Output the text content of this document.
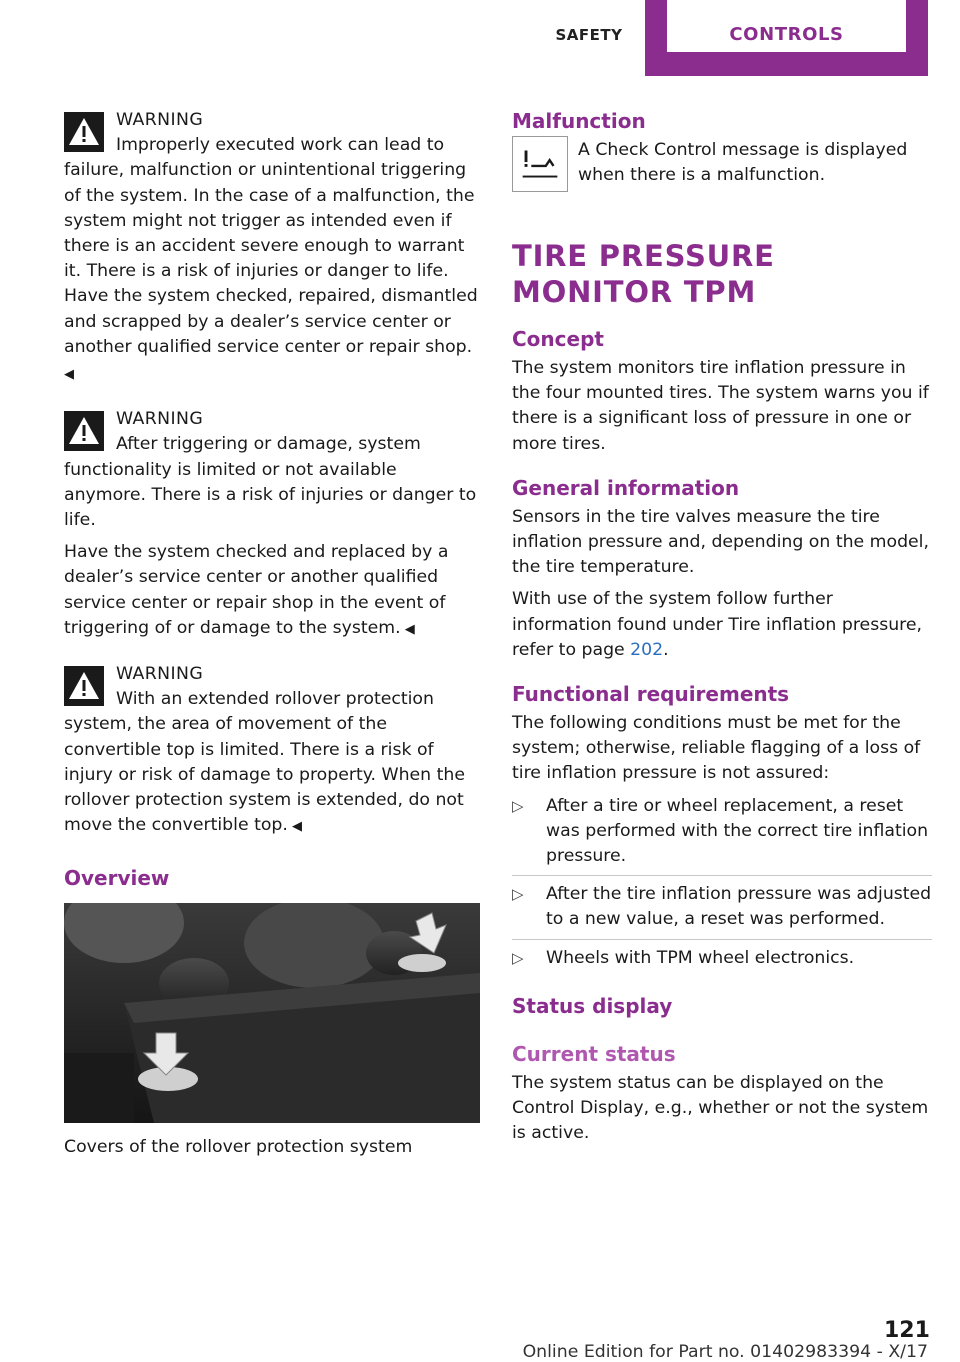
SAFETY	CONTROLS
WARNING

Improperly executed work can lead to failure, malfunction or unintentional triggering of the system. In the case of a malfunction, the system might not trigger as intended even if there is an accident severe enough to warrant it. There is a risk of injuries or danger to life. Have the system checked, repaired, dismantled and scrapped by a dealer’s service center or another qualified service center or repair shop. ◀

WARNING

After triggering or damage, system functionality is limited or not available anymore. There is a risk of injuries or danger to life.

Have the system checked and replaced by a dealer’s service center or another qualified service center or repair shop in the event of triggering of or damage to the system. ◀

WARNING

With an extended rollover protection system, the area of movement of the convertible top is limited. There is a risk of injury or risk of damage to property. When the rollover protection system is extended, do not move the convertible top. ◀

Overview
Covers of the rollover protection system
Malfunction
A Check Control message is displayed when there is a malfunction.
TIRE PRESSURE MONITOR TPM
Concept

The system monitors tire inflation pressure in the four mounted tires. The system warns you if there is a significant loss of pressure in one or more tires.

General information

Sensors in the tire valves measure the tire inflation pressure and, depending on the model, the tire temperature.

With use of the system follow further information found under Tire inflation pressure, refer to page 202.

Functional requirements

The following conditions must be met for the system; otherwise, reliable flagging of a loss of tire inflation pressure is not assured:

▷ After a tire or wheel replacement, a reset was performed with the correct tire inflation pressure.
▷ After the tire inflation pressure was adjusted to a new value, a reset was performed.
▷ Wheels with TPM wheel electronics.
Status display
Current status

The system status can be displayed on the Control Display, e.g., whether or not the system is active.

121
Online Edition for Part no. 01402983394 - X/17
